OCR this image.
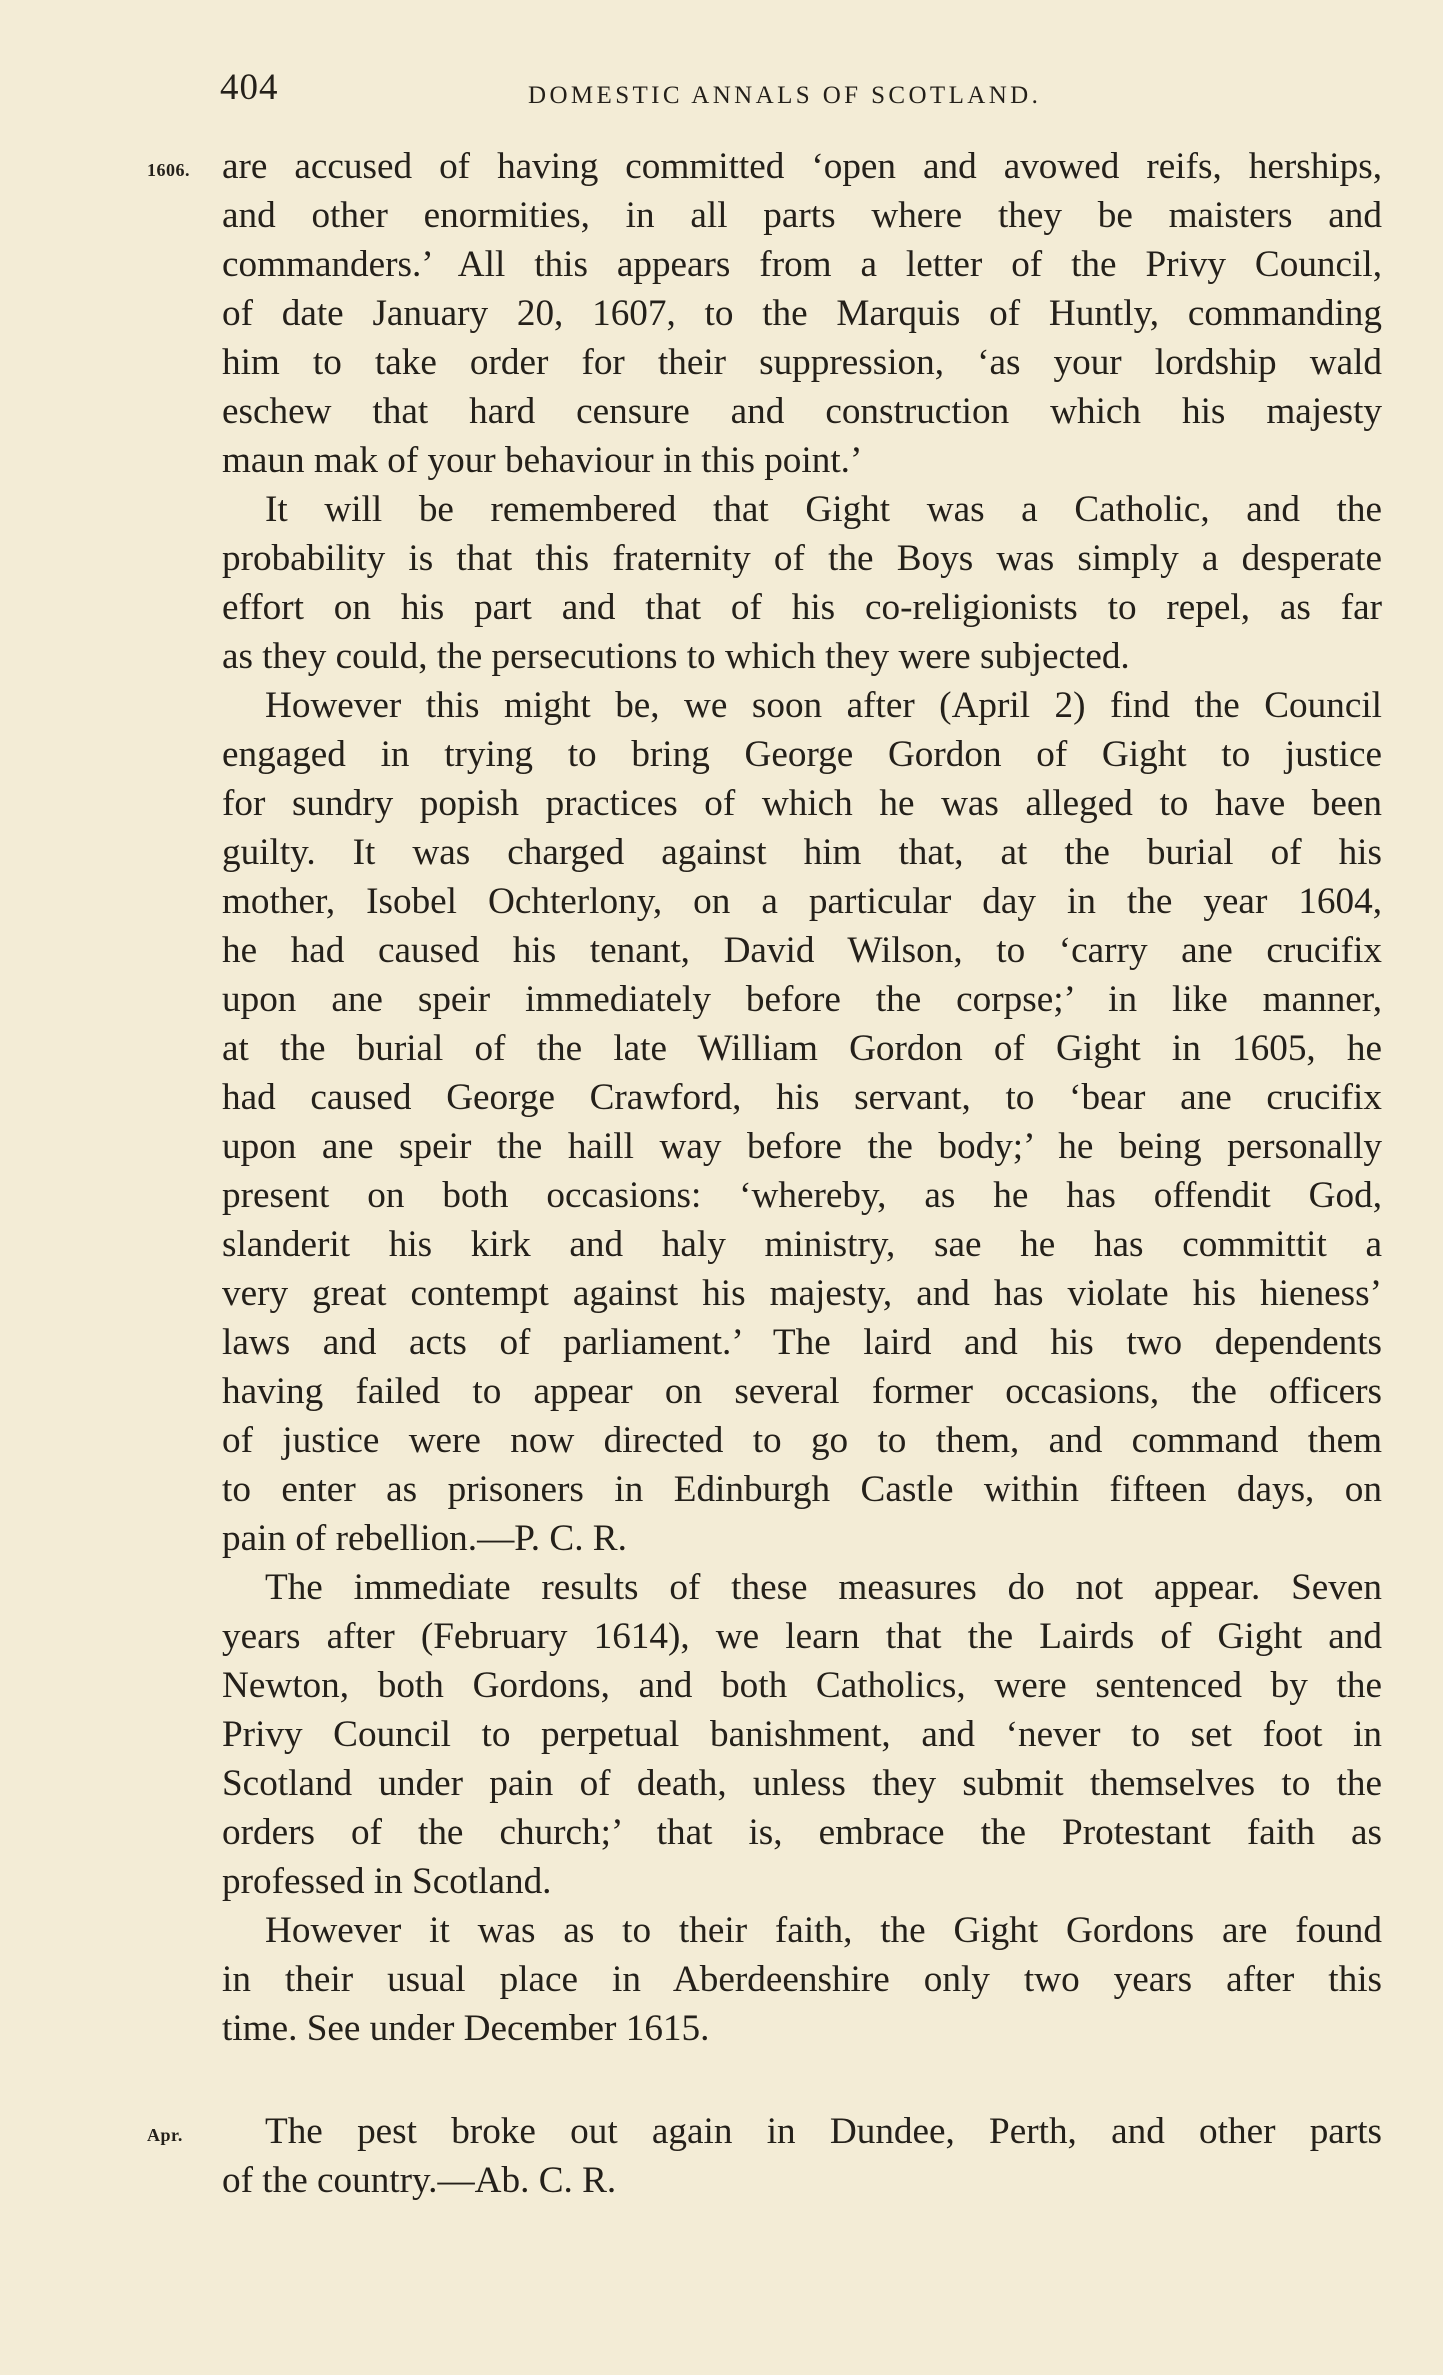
404	DOMESTIC ANNALS OF SCOTLAND.
1606. are accused of having committed ‘open and avowed reifs, herships,
and other enormities, in all parts where they be maisters and
commanders.’ All this appears from a letter of the Privy Council,
of date January 20, 1607, to the Marquis of Huntly, commanding
him to take order for their suppression, ‘as your lordship wald
eschew that hard censure and construction which his majesty
maun mak of your behaviour in this point.’
It will be remembered that Gight was a Catholic, and the
probability is that this fraternity of the Boys was simply a desperate
effort on his part and that of his co-religionists to repel, as far
as they could, the persecutions to which they were subjected.
However this might be, we soon after (April 2) find the Council
engaged in trying to bring George Gordon of Gight to justice
for sundry popish practices of which he was alleged to have been
guilty. It was charged against him that, at the burial of his
mother, Isobel Ochterlony, on a particular day in the year 1604,
he had caused his tenant, David Wilson, to ‘carry ane crucifix
upon ane speir immediately before the corpse;’ in like manner,
at the burial of the late William Gordon of Gight in 1605, he
had caused George Crawford, his servant, to ‘bear ane crucifix
upon ane speir the haill way before the body;’ he being personally
present on both occasions: ‘whereby, as he has offendit God,
slanderit his kirk and haly ministry, sae he has committit a
very great contempt against his majesty, and has violate his hieness’
laws and acts of parliament.’ The laird and his two dependents
having failed to appear on several former occasions, the officers
of justice were now directed to go to them, and command them
to enter as prisoners in Edinburgh Castle within fifteen days, on
pain of rebellion.—P. C. R.
The immediate results of these measures do not appear. Seven
years after (February 1614), we learn that the Lairds of Gight and
Newton, both Gordons, and both Catholics, were sentenced by the
Privy Council to perpetual banishment, and ‘never to set foot in
Scotland under pain of death, unless they submit themselves to the
orders of the church;’ that is, embrace the Protestant faith as
professed in Scotland.
However it was as to their faith, the Gight Gordons are found
in their usual place in Aberdeenshire only two years after this
time. See under December 1615.
Apr. The pest broke out again in Dundee, Perth, and other parts
of the country.—Ab. C. R.
